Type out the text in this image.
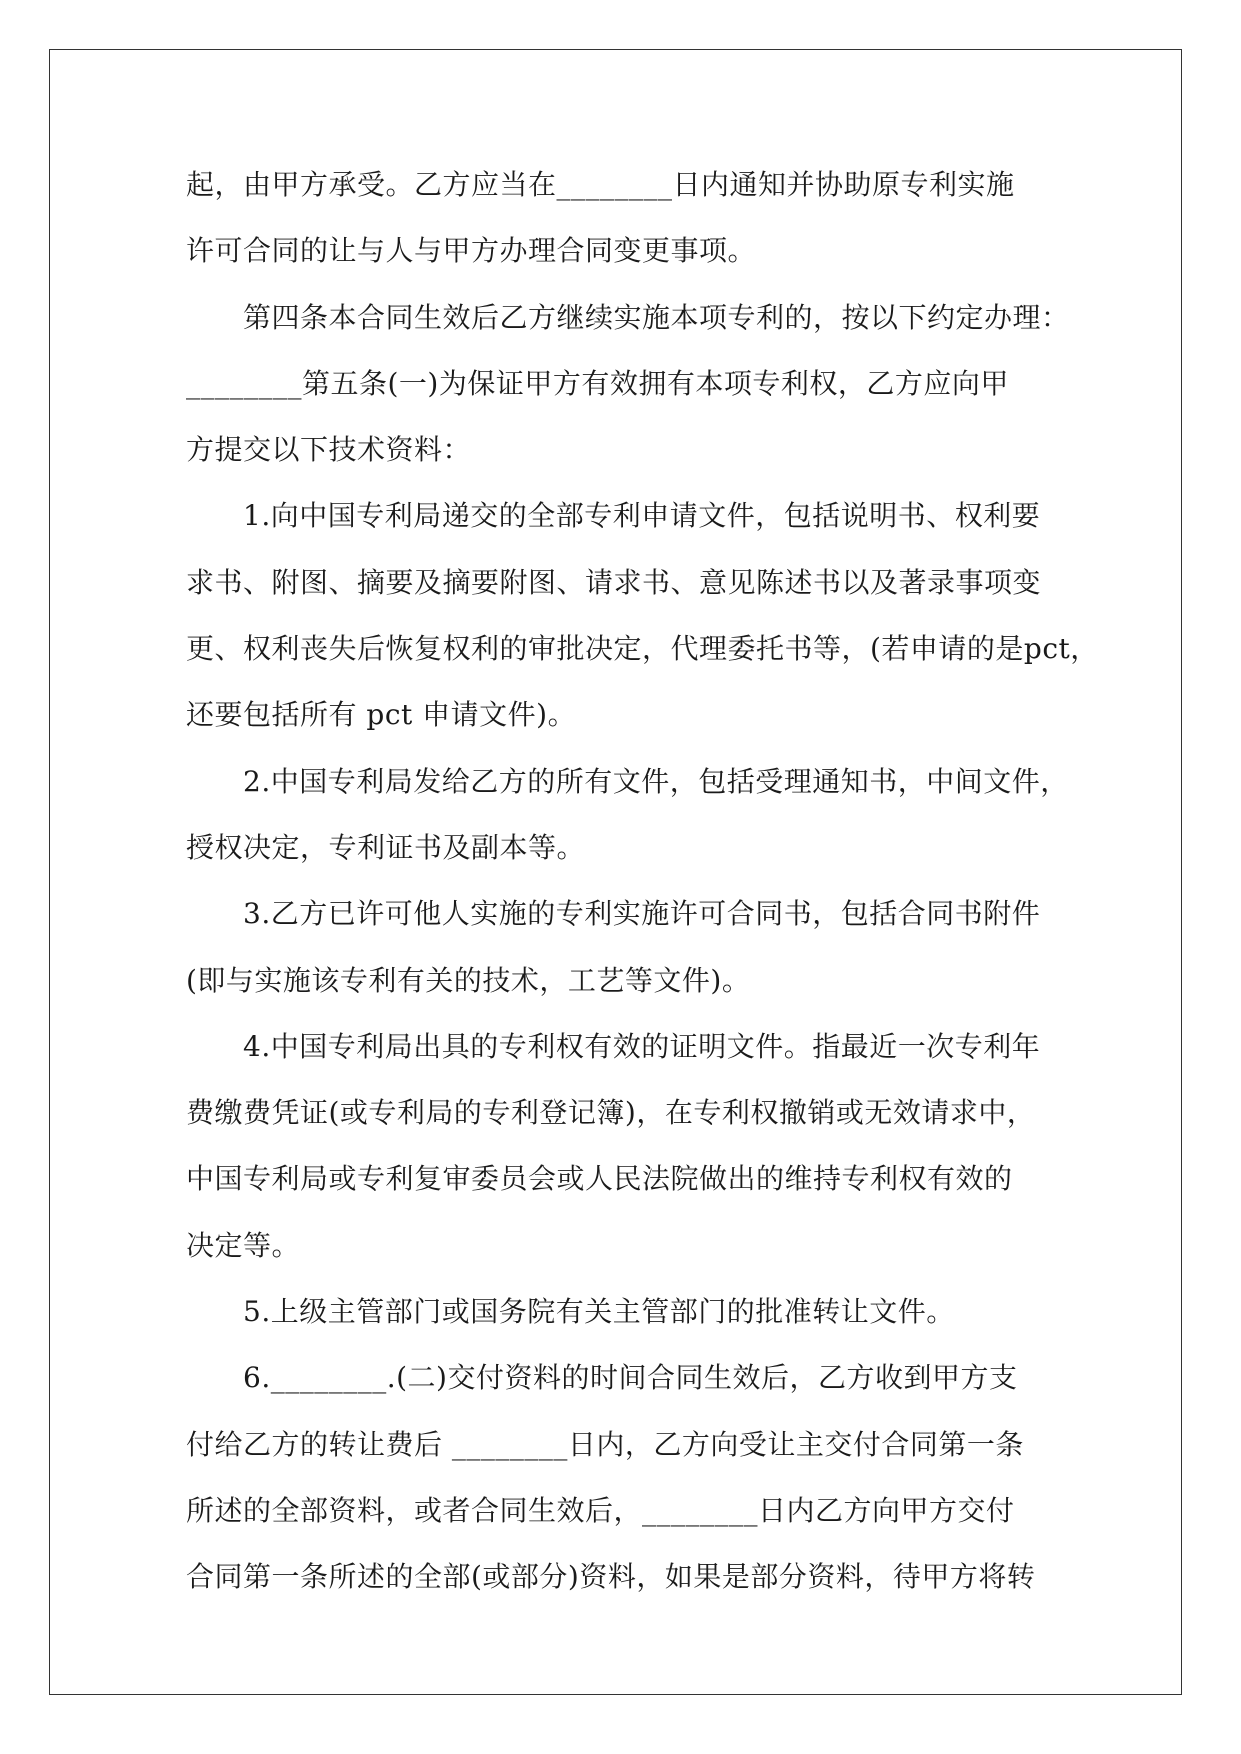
起，由甲方承受。乙方应当在________日内通知并协助原专利实施
许可合同的让与人与甲方办理合同变更事项。
　　第四条本合同生效后乙方继续实施本项专利的，按以下约定办理：
________第五条(一)为保证甲方有效拥有本项专利权，乙方应向甲
方提交以下技术资料：
　　1.向中国专利局递交的全部专利申请文件，包括说明书、权利要
求书、附图、摘要及摘要附图、请求书、意见陈述书以及著录事项变
更、权利丧失后恢复权利的审批决定，代理委托书等，(若申请的是pct，
还要包括所有 pct 申请文件)。
　　2.中国专利局发给乙方的所有文件，包括受理通知书，中间文件，
授权决定，专利证书及副本等。
　　3.乙方已许可他人实施的专利实施许可合同书，包括合同书附件
(即与实施该专利有关的技术，工艺等文件)。
　　4.中国专利局出具的专利权有效的证明文件。指最近一次专利年
费缴费凭证(或专利局的专利登记簿)，在专利权撤销或无效请求中，
中国专利局或专利复审委员会或人民法院做出的维持专利权有效的
决定等。
　　5.上级主管部门或国务院有关主管部门的批准转让文件。
　　6.________.(二)交付资料的时间合同生效后，乙方收到甲方支
付给乙方的转让费后 ________日内，乙方向受让主交付合同第一条
所述的全部资料，或者合同生效后，________日内乙方向甲方交付
合同第一条所述的全部(或部分)资料，如果是部分资料，待甲方将转
